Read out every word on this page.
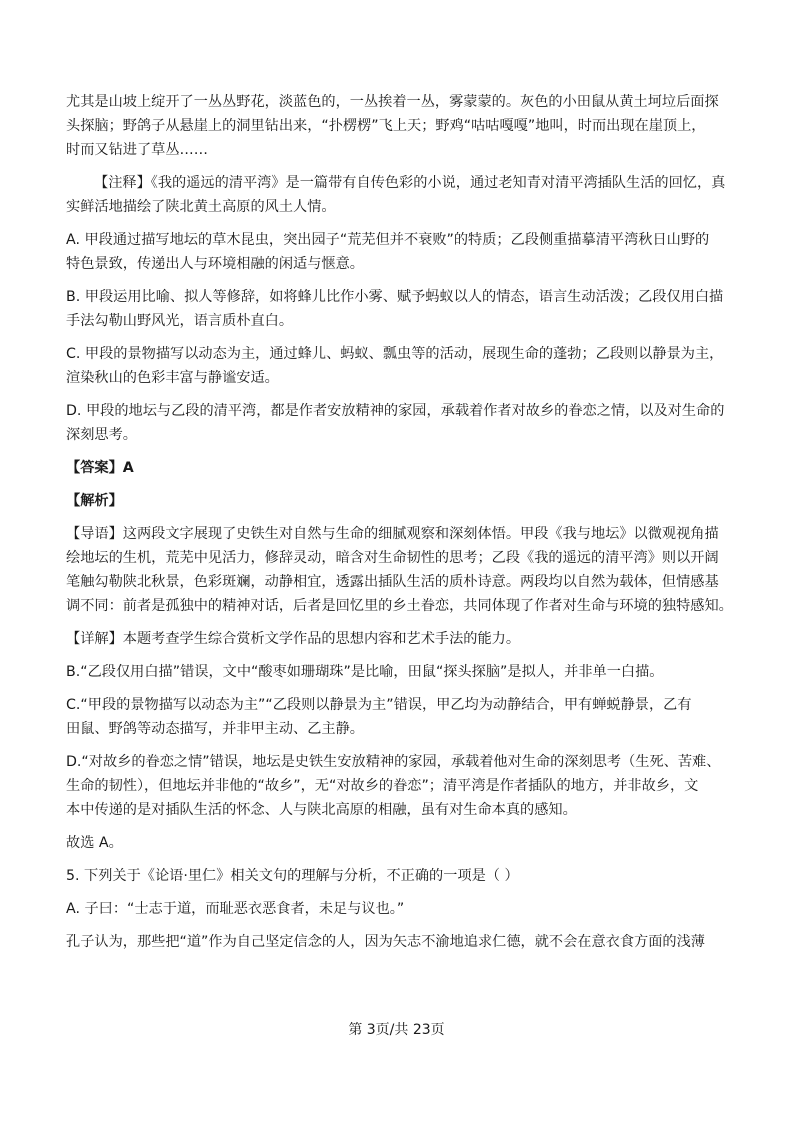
尤其是山坡上绽开了一丛丛野花，淡蓝色的，一丛挨着一丛，雾蒙蒙的。灰色的小田鼠从黄土坷垃后面探
头探脑；野鸽子从悬崖上的洞里钻出来，“扑楞楞”飞上天；野鸡“咕咕嘎嘎”地叫，时而出现在崖顶上，
时而又钻进了草丛……
【注释】《我的遥远的清平湾》是一篇带有自传色彩的小说，通过老知青对清平湾插队生活的回忆，真
实鲜活地描绘了陕北黄土高原的风土人情。
A. 甲段通过描写地坛的草木昆虫，突出园子“荒芜但并不衰败”的特质；乙段侧重描摹清平湾秋日山野的
特色景致，传递出人与环境相融的闲适与惬意。
B. 甲段运用比喻、拟人等修辞，如将蜂儿比作小雾、赋予蚂蚁以人的情态，语言生动活泼；乙段仅用白描
手法勾勒山野风光，语言质朴直白。
C. 甲段的景物描写以动态为主，通过蜂儿、蚂蚁、瓢虫等的活动，展现生命的蓬勃；乙段则以静景为主，
渲染秋山的色彩丰富与静谧安适。
D. 甲段的地坛与乙段的清平湾，都是作者安放精神的家园，承载着作者对故乡的眷恋之情，以及对生命的
深刻思考。
【答案】A
【解析】
【导语】这两段文字展现了史铁生对自然与生命的细腻观察和深刻体悟。甲段《我与地坛》以微观视角描
绘地坛的生机，荒芜中见活力，修辞灵动，暗含对生命韧性的思考；乙段《我的遥远的清平湾》则以开阔
笔触勾勒陕北秋景，色彩斑斓，动静相宜，透露出插队生活的质朴诗意。两段均以自然为载体，但情感基
调不同：前者是孤独中的精神对话，后者是回忆里的乡土眷恋，共同体现了作者对生命与环境的独特感知。
【详解】本题考查学生综合赏析文学作品的思想内容和艺术手法的能力。
B.“乙段仅用白描”错误，文中“酸枣如珊瑚珠”是比喻，田鼠“探头探脑”是拟人，并非单一白描。
C.“甲段的景物描写以动态为主”“乙段则以静景为主”错误，甲乙均为动静结合，甲有蝉蜕静景，乙有
田鼠、野鸽等动态描写，并非甲主动、乙主静。
D.“对故乡的眷恋之情”错误，地坛是史铁生安放精神的家园，承载着他对生命的深刻思考（生死、苦难、
生命的韧性），但地坛并非他的“故乡”，无“对故乡的眷恋”；清平湾是作者插队的地方，并非故乡，文
本中传递的是对插队生活的怀念、人与陕北高原的相融，虽有对生命本真的感知。
故选 A。
5. 下列关于《论语·里仁》相关文句的理解与分析，不正确的一项是（ ）
A. 子曰：“士志于道，而耻恶衣恶食者，未足与议也。”
孔子认为，那些把“道”作为自己坚定信念的人，因为矢志不渝地追求仁德，就不会在意衣食方面的浅薄
第 3页/共 23页
